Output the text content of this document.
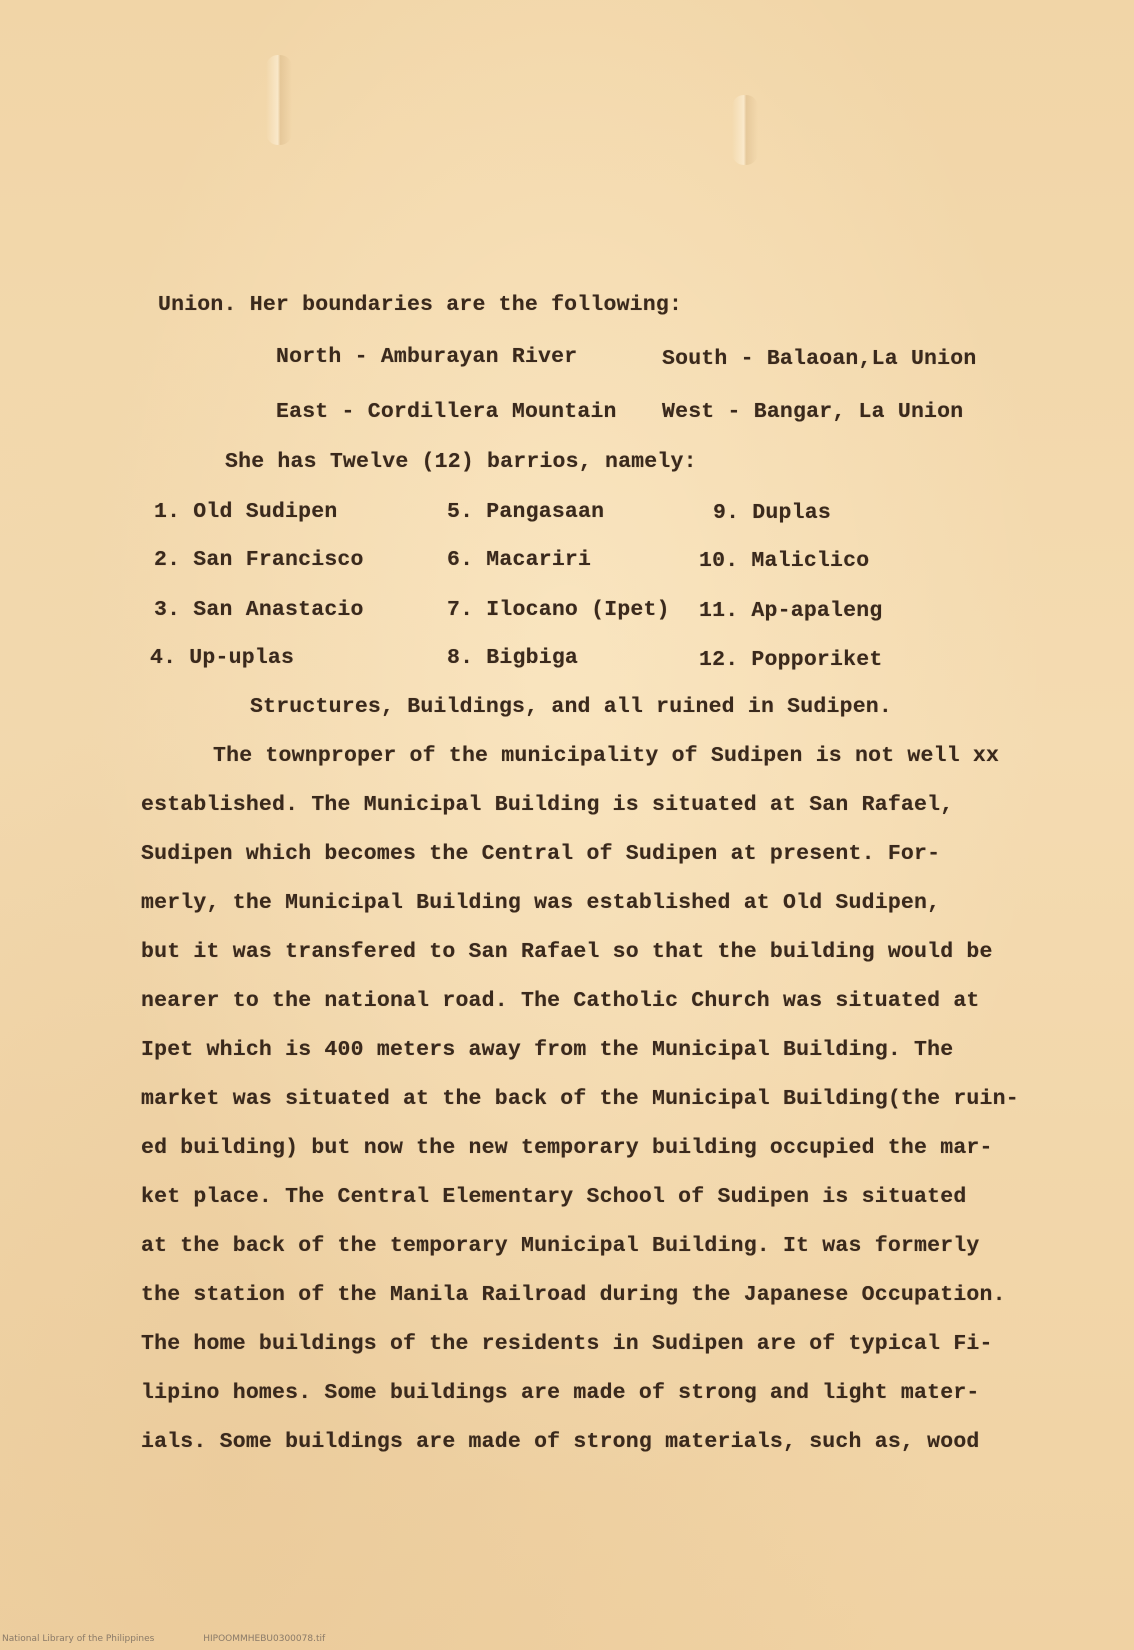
Union. Her boundaries are the following:
North - Amburayan River	South - Balaoan,La Union
East - Cordillera Mountain West - Bangar, La Union
She has Twelve (12) barrios, namely:
1. Old Sudipen	5. Pangasaan	9. Duplas
2. San Francisco	6. Macariri	10. Maliclico
3. San Anastacio	7. Ilocano (Ipet) 11. Ap-apaleng
4. Up-uplas	8. Bigbiga	12. Popporiket
Structures, Buildings, and all ruined in Sudipen.
The townproper of the municipality of Sudipen is not well xx
established. The Municipal Building is situated at San Rafael,
Sudipen which becomes the Central of Sudipen at present. For-
merly, the Municipal Building was established at Old Sudipen,
but it was transfered to San Rafael so that the building would be
nearer to the national road. The Catholic Church was situated at
Ipet which is 400 meters away from the Municipal Building. The
market was situated at the back of the Municipal Building(the ruin-
ed building) but now the new temporary building occupied the mar-
ket place. The Central Elementary School of Sudipen is situated
at the back of the temporary Municipal Building. It was formerly
the station of the Manila Railroad during the Japanese Occupation.
The home buildings of the residents in Sudipen are of typical Fi-
lipino homes. Some buildings are made of strong and light mater-
ials. Some buildings are made of strong materials, such as, wood
National Library of the Philippines	HIPOOMMHEBU0300078.tif
